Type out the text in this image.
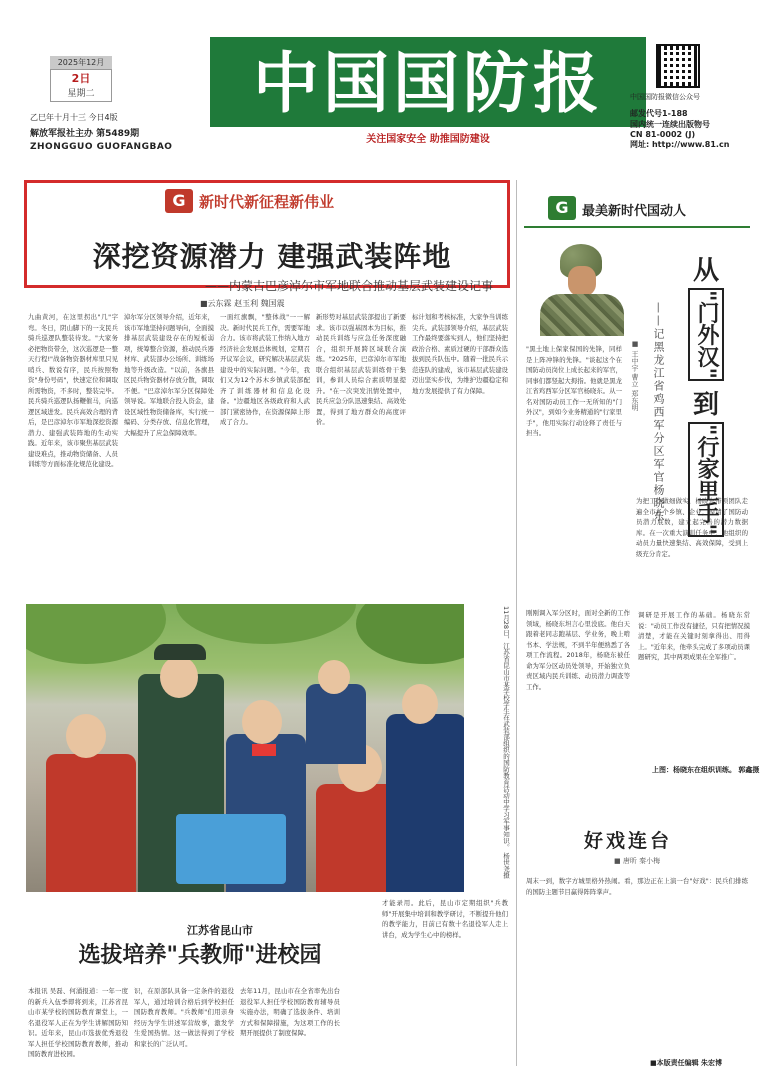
2025年12月
2日
星期二
乙巳年十月十三 今日4版
解放军报社主办 第5489期
ZHONGGUO GUOFANGBAO
中国国防报
关注国家安全 助推国防建设
中国国防报微信公众号
邮发代号1-188
国内统一连续出版物号
CN 81-0002 (J)
网址: http://www.81.cn
G 新时代新征程新伟业
深挖资源潜力 建强武装阵地
——内蒙古巴彦淖尔市军地联合推动基层武装建设记事
■云东霖 赵玉利 魏国震
九曲黄河，在这里拐出"几"字弯。冬日，阴山脚下的一支民兵骑兵巡逻队整装待发。"大家务必把物资带全，这次巡逻是一整天行程!"战备物资器材库里只见哨兵、数说有序，民兵按照物资"身份号码"，快速定位和调取所需物资，不多时，整装完毕。民兵骑兵巡逻队扬鞭催马，向巡逻区域进发。民兵高效合理的背后，是巴彦淖尔市军地深挖资源潜力、建强武装阵地的生动实践。近年来，该市聚焦基层武装建设难点，推动物资储备、人员训练等方面标准化规范化建设。
淖尔军分区领导介绍，近年来，该市军地坚持问题导向，全面摸排基层武装建设存在的短板弱项，统筹整合资源，推动民兵器材库、武装部办公场所、训练场地等升级改造。"以前，各旗县区民兵物资器材存放分散，调取不便。"巴彦淖尔军分区保障处领导说。军地联合投入资金，建设区域性物资储备库，实行统一编码、分类存放、信息化管理，大幅提升了应急保障效率。
一面红旗飘，"整体战"一一解决。新时代民兵工作，需要军地合力。该市将武装工作纳入地方经济社会发展总体规划，定期召开议军会议，研究解决基层武装建设中的实际问题。"今年，我们又为12个苏木乡镇武装部配齐了训练器材和信息化设备。"边疆地区各级政府和人武部门紧密协作，在资源保障上形成了合力。
新形势对基层武装部提出了新要求。该市以强基固本为目标，推动民兵训练与应急任务深度融合，组织开展跨区域联合演练。"2025年，巴彦淖尔市军地联合组织基层武装训练骨干集训，参训人员综合素质明显提升。"在一次突发汛情处置中，民兵应急分队迅速集结、高效处置，得到了地方群众的高度评价。
标计划和考核标准，大家争当训练尖兵。武装部领导介绍，基层武装工作最终要落实到人，他们坚持把政治合格、素质过硬的干部群众选拔到民兵队伍中。随着一批民兵示范连队的建成，该市基层武装建设迈出坚实步伐，为维护边疆稳定和地方发展提供了有力保障。
11月28日，江苏省昆山市某学校学生在武装部组织的国防教育活动中学习军事知识。 杨世尧摄
江苏省昆山市
选拔培养"兵教师"进校园
本报讯 吴磊、何涌报道：一年一度的新兵入伍季即将到来，江苏省昆山市某学校的国防教育课堂上，一名退役军人正在为学生讲解国防知识。近年来，昆山市选拔优秀退役军人担任学校国防教育教师，推动国防教育进校园。
识，在原部队具备一定条件的退役军人，通过培训合格后到学校担任国防教育教师。"兵教师"们用亲身经历为学生讲述军营故事，激发学生爱国热情。这一做法得到了学校和家长的广泛认可。
去年11月，昆山市在全省率先出台退役军人担任学校国防教育辅导员实施办法，明确了选拔条件、培训方式和保障措施，为这项工作的长期开展提供了制度保障。
才能录用。此后，昆山市定期组织"兵教师"开展集中培训和教学研讨，不断提升他们的教学能力，目前已有数十名退役军人走上讲台，成为学生心中的榜样。
G	最美新时代国动人
从
"门外汉"
到
"行家里手"
——记黑龙江省鸡西军分区军官杨晓东
■ 王中宇 曹立 郑东明
"黑土地上保家保国的先锋，同样是上阵冲锋的先锋。"谈起这个在国防动员岗位上成长起来的军官，同事们都竖起大拇指。他就是黑龙江省鸡西军分区军官杨晓东。从一名对国防动员工作一无所知的"门外汉"，到如今业务精通的"行家里手"，他用实际行动诠释了责任与担当。
刚刚调入军分区时，面对全新的工作领域，杨晓东坦言心里没底。他白天跟着老同志跑基层、学业务，晚上啃书本、学法规，不到半年便熟悉了各项工作流程。2018年，杨晓东被任命为军分区动员处领导，开始独立负责区域内民兵训练、动员潜力调查等工作。
为把工作做细做实，杨晓东带领团队走遍全市各个乡镇、企业，摸清了国防动员潜力底数，建立起完善的潜力数据库。在一次重大演训任务中，他组织的动员力量快速集结、高效保障，受到上级充分肯定。
调研是开展工作的基础。杨晓东常说："动员工作没有捷径，只有把情况摸清楚，才能在关键时刻拿得出、用得上。"近年来，他牵头完成了多项动员课题研究，其中两项成果在全军推广。
上图：杨晓东在组织训练。 郭鑫摄
好戏连台
■ 唐昕 秦小梅
周末一到，数字方城里格外热闹。看，那边正在上演一台"好戏"：民兵们排练的国防主题节目赢得阵阵掌声。
■本版责任编辑 朱宏博
